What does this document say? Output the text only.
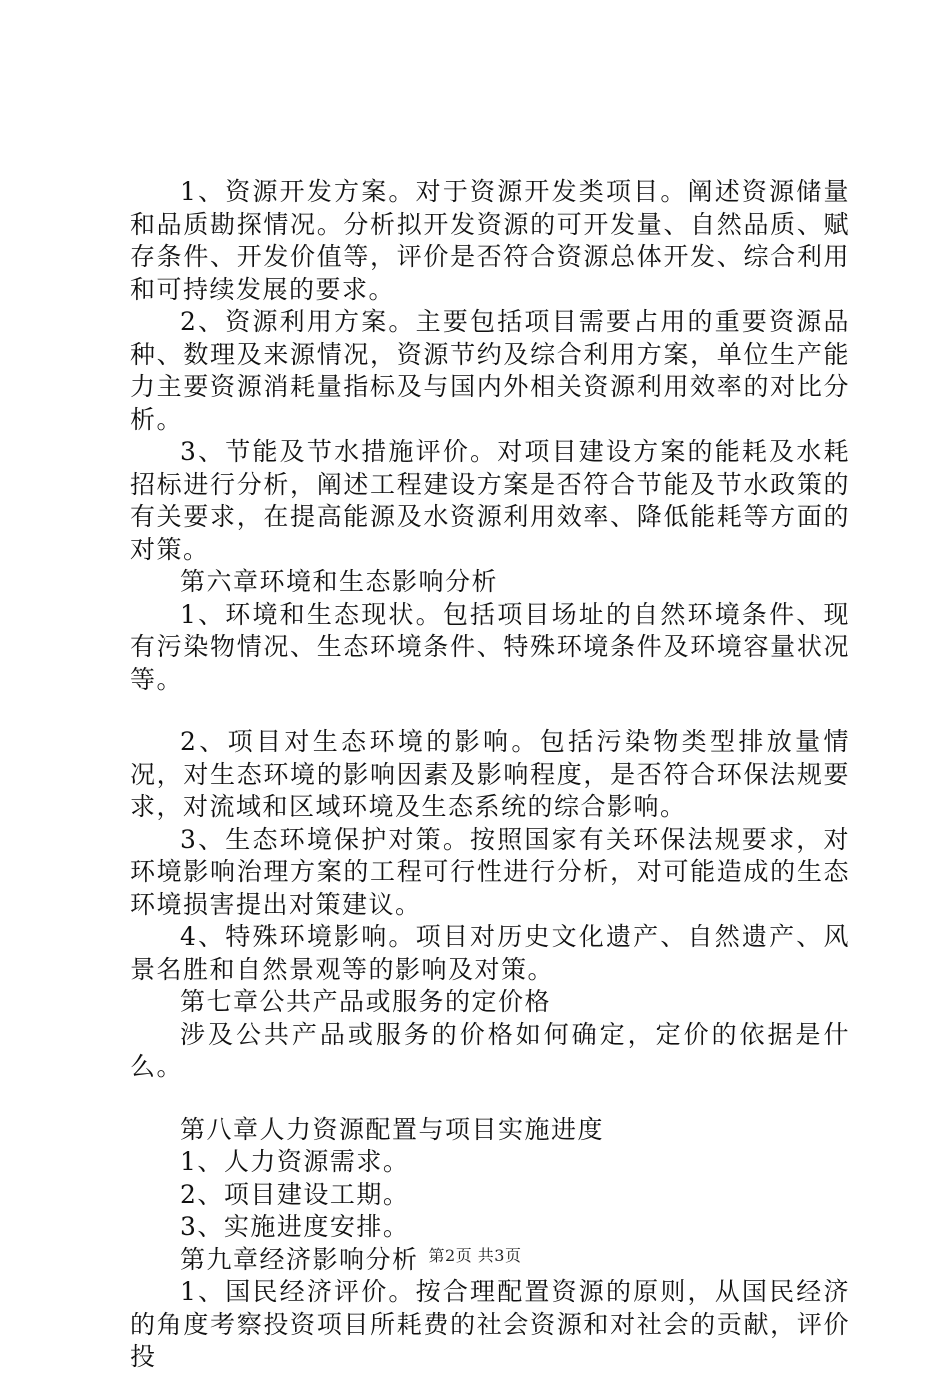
1、资源开发方案。对于资源开发类项目。阐述资源储量和品质勘探情况。分析拟开发资源的可开发量、自然品质、赋存条件、开发价值等，评价是否符合资源总体开发、综合利用和可持续发展的要求。

2、资源利用方案。主要包括项目需要占用的重要资源品种、数理及来源情况，资源节约及综合利用方案，单位生产能力主要资源消耗量指标及与国内外相关资源利用效率的对比分析。

3、节能及节水措施评价。对项目建设方案的能耗及水耗招标进行分析，阐述工程建设方案是否符合节能及节水政策的有关要求，在提高能源及水资源利用效率、降低能耗等方面的对策。

第六章环境和生态影响分析

1、环境和生态现状。包括项目场址的自然环境条件、现有污染物情况、生态环境条件、特殊环境条件及环境容量状况等。

2、项目对生态环境的影响。包括污染物类型排放量情况，对生态环境的影响因素及影响程度，是否符合环保法规要求，对流域和区域环境及生态系统的综合影响。

3、生态环境保护对策。按照国家有关环保法规要求，对环境影响治理方案的工程可行性进行分析，对可能造成的生态环境损害提出对策建议。

4、特殊环境影响。项目对历史文化遗产、自然遗产、风景名胜和自然景观等的影响及对策。

第七章公共产品或服务的定价格

涉及公共产品或服务的价格如何确定，定价的依据是什么。

第八章人力资源配置与项目实施进度

1、人力资源需求。

2、项目建设工期。

3、实施进度安排。

第九章经济影响分析

1、国民经济评价。按合理配置资源的原则，从国民经济的角度考察投资项目所耗费的社会资源和对社会的贡献，评价投

第2页 共3页
